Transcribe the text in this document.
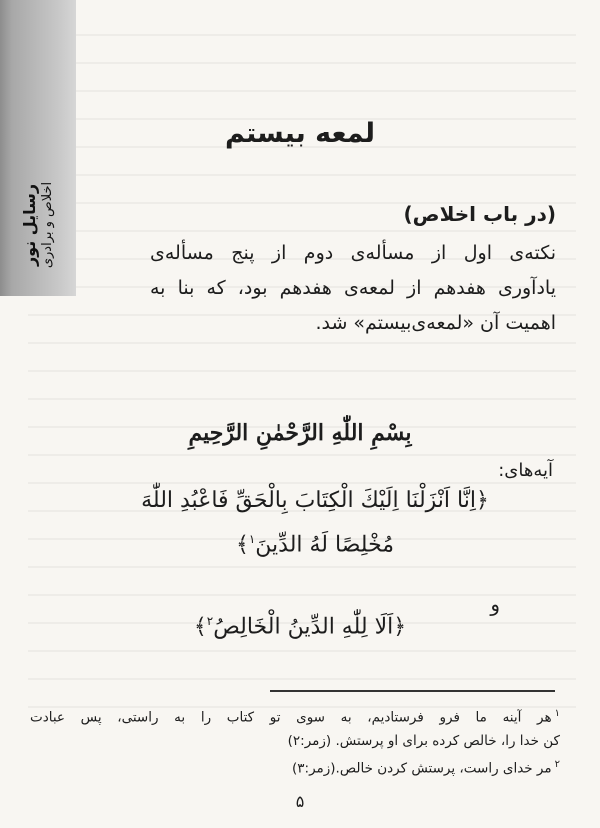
رسایل نور اخلاص و برادری
لمعه بیستم
(در باب اخلاص)
نکته‌ی اول از مسأله‌ی دوم از پنج مسأله‌ی
یادآوری هفدهم از لمعه‌ی هفدهم بود، که بنا به
اهمیت آن «لمعه‌ی‌بیستم» شد.
بِسْمِ اللّٰهِ الرَّحْمٰنِ الرَّحِيمِ
آیه‌های:
﴿اِنَّا اَنْزَلْنَا اِلَيْكَ الْكِتَابَ بِالْحَقِّ فَاعْبُدِ اللّٰهَ
مُخْلِصًا لَهُ الدِّينَ$^١$﴾
و
﴿اَلَا لِلّٰهِ الدِّينُ الْخَالِصُ$^٢$﴾
$^١$هر آینه ما فرو فرستادیم، به سوی تو کتاب را به راستی، پس عبادت
کن خدا را، خالص کرده برای او پرستش. (زمر:٢)
$^٢$مر خدای راست، پرستش کردن خالص.(زمر:٣)
۵
